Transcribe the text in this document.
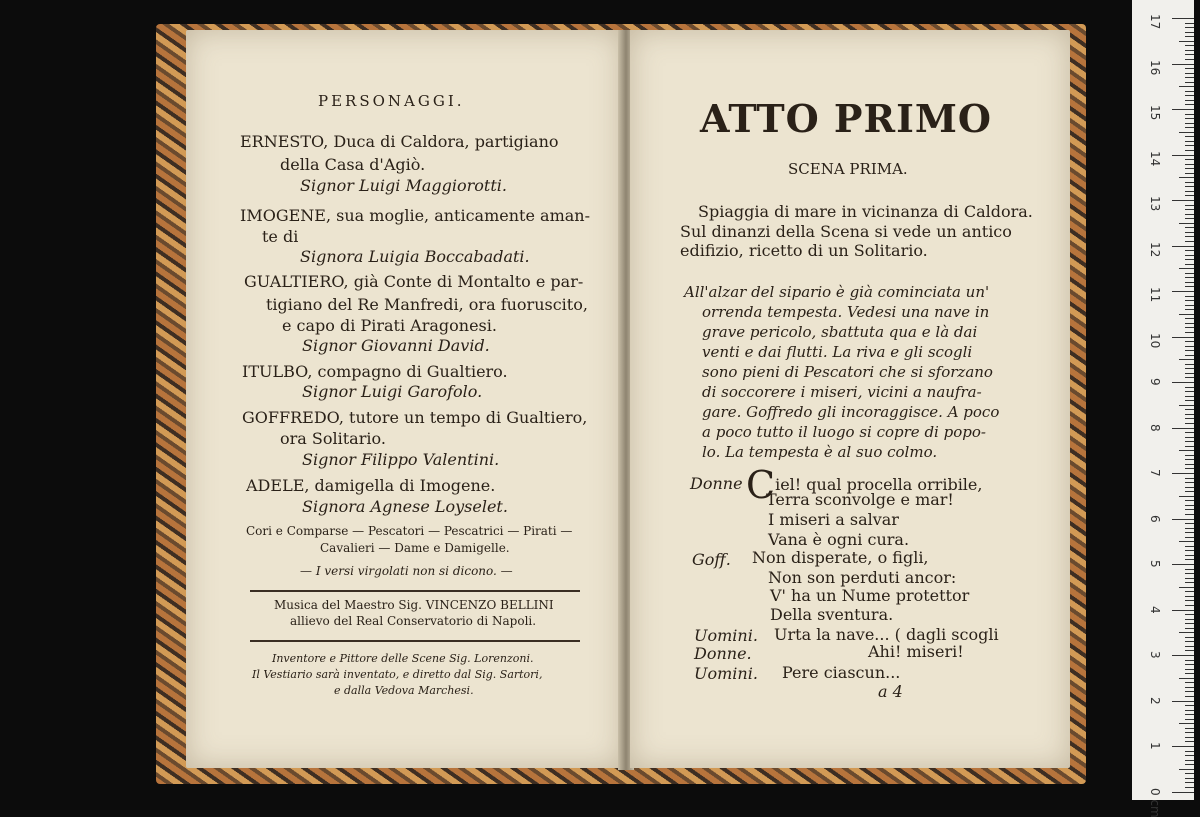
PERSONAGGI.
ERNESTO, Duca di Caldora, partigiano
della Casa d'Agiò.
Signor Luigi Maggiorotti.
IMOGENE, sua moglie, anticamente aman-
te di
Signora Luigia Boccabadati.
GUALTIERO, già Conte di Montalto e par-
tigiano del Re Manfredi, ora fuoruscito,
e capo di Pirati Aragonesi.
Signor Giovanni David.
ITULBO, compagno di Gualtiero.
Signor Luigi Garofolo.
GOFFREDO, tutore un tempo di Gualtiero,
ora Solitario.
Signor Filippo Valentini.
ADELE, damigella di Imogene.
Signora Agnese Loyselet.
Cori e Comparse — Pescatori — Pescatrici — Pirati —
Cavalieri — Dame e Damigelle.
— I versi virgolati non si dicono. —
Musica del Maestro Sig. VINCENZO BELLINI
allievo del Real Conservatorio di Napoli.
Inventore e Pittore delle Scene Sig. Lorenzoni.
Il Vestiario sarà inventato, e diretto dal Sig. Sartori,
e dalla Vedova Marchesi.
ATTO PRIMO
SCENA PRIMA.
Spiaggia di mare in vicinanza di Caldora.
Sul dinanzi della Scena si vede un antico
edifizio, ricetto di un Solitario.
All'alzar del sipario è già cominciata un'
orrenda tempesta. Vedesi una nave in
grave pericolo, sbattuta qua e là dai
venti e dai flutti. La riva e gli scogli
sono pieni di Pescatori che si sforzano
di soccorere i miseri, vicini a naufra-
gare. Goffredo gli incoraggisce. A poco
a poco tutto il luogo si copre di popo-
lo. La tempesta è al suo colmo.
Donne Ciel! qual procella orribile,
Terra sconvolge e mar!
I miseri a salvar
Vana è ogni cura.
Goff. Non disperate, o figli,
Non son perduti ancor:
V' ha un Nume protettor
Della sventura.
Uomini. Urta la nave... ( dagli scogli
Donne.	Ahi! miseri!
Uomini. Pere ciascun...
a 4
17
16
15
14
13
12
11
10
9
8
7
6
5
4
3
2
1
0 cm
